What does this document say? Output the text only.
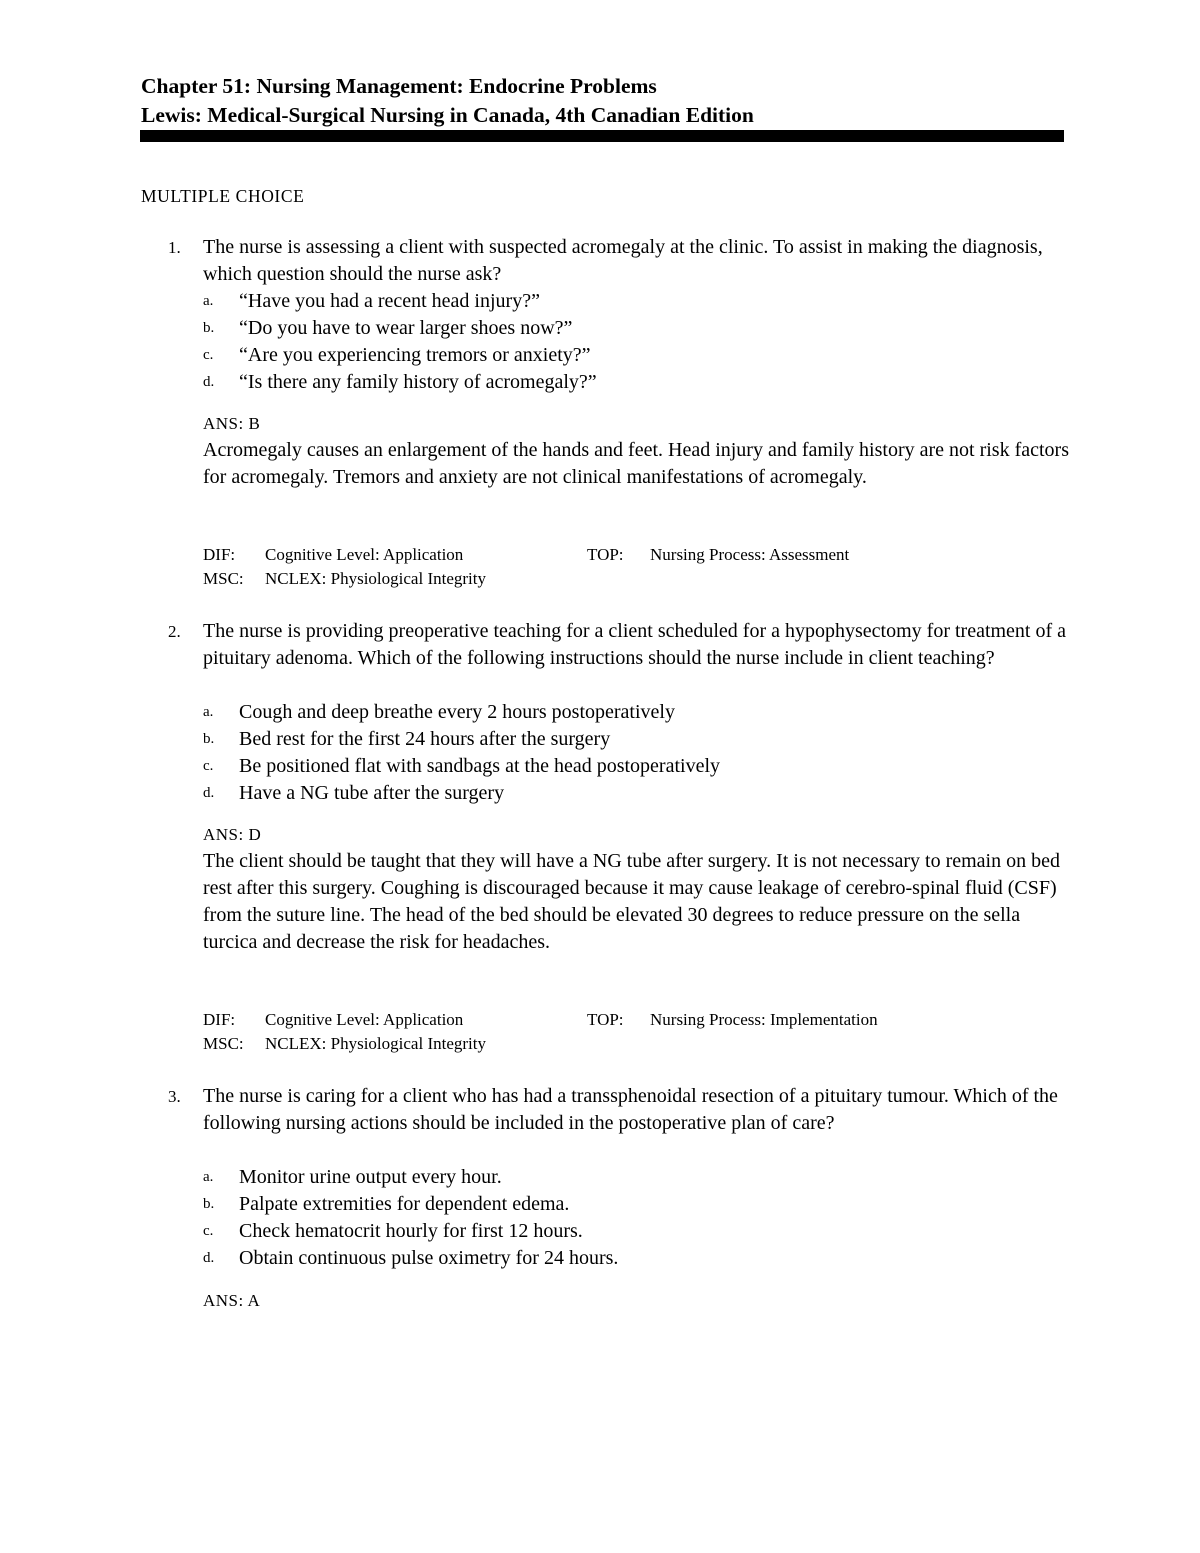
Chapter 51: Nursing Management: Endocrine Problems
Lewis: Medical-Surgical Nursing in Canada, 4th Canadian Edition
MULTIPLE CHOICE
1. The nurse is assessing a client with suspected acromegaly at the clinic. To assist in making the diagnosis, which question should the nurse ask?
a. “Have you had a recent head injury?”
b. “Do you have to wear larger shoes now?”
c. “Are you experiencing tremors or anxiety?”
d. “Is there any family history of acromegaly?”
ANS: B
Acromegaly causes an enlargement of the hands and feet. Head injury and family history are not risk factors for acromegaly. Tremors and anxiety are not clinical manifestations of acromegaly.
DIF: Cognitive Level: Application	TOP: Nursing Process: Assessment
MSC: NCLEX: Physiological Integrity
2. The nurse is providing preoperative teaching for a client scheduled for a hypophysectomy for treatment of a pituitary adenoma. Which of the following instructions should the nurse include in client teaching?
a. Cough and deep breathe every 2 hours postoperatively
b. Bed rest for the first 24 hours after the surgery
c. Be positioned flat with sandbags at the head postoperatively
d. Have a NG tube after the surgery
ANS: D
The client should be taught that they will have a NG tube after surgery. It is not necessary to remain on bed rest after this surgery. Coughing is discouraged because it may cause leakage of cerebro-spinal fluid (CSF) from the suture line. The head of the bed should be elevated 30 degrees to reduce pressure on the sella turcica and decrease the risk for headaches.
DIF: Cognitive Level: Application	TOP: Nursing Process: Implementation
MSC: NCLEX: Physiological Integrity
3. The nurse is caring for a client who has had a transsphenoidal resection of a pituitary tumour. Which of the following nursing actions should be included in the postoperative plan of care?
a. Monitor urine output every hour.
b. Palpate extremities for dependent edema.
c. Check hematocrit hourly for first 12 hours.
d. Obtain continuous pulse oximetry for 24 hours.
ANS: A
